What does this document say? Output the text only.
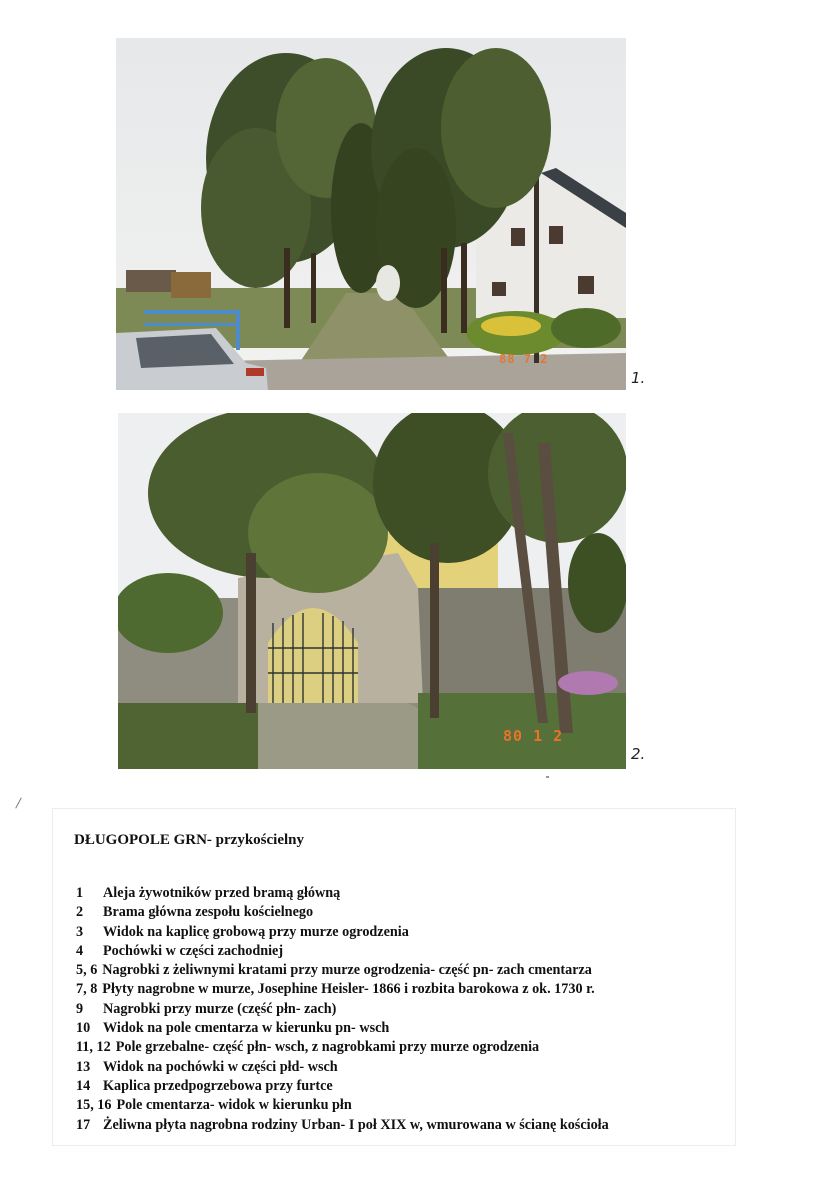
88 7 2
1.
80 1 2
2.
DŁUGOPOLE GRN- przykościelny
1	Aleja żywotników przed bramą główną
2	Brama główna zespołu kościelnego
3	Widok na kaplicę grobową przy murze ogrodzenia
4	Pochówki w części zachodniej
5, 6 Nagrobki z żeliwnymi kratami przy murze ogrodzenia- część pn- zach cmentarza
7, 8 Płyty nagrobne w murze, Josephine Heisler- 1866 i rozbita barokowa z ok. 1730 r.
9	Nagrobki przy murze (część płn- zach)
10 Widok na pole cmentarza w kierunku pn- wsch
11, 12 Pole grzebalne- część płn- wsch, z nagrobkami przy murze ogrodzenia
13 Widok na pochówki w części płd- wsch
14 Kaplica przedpogrzebowa przy furtce
15, 16 Pole cmentarza- widok w kierunku płn
17 Żeliwna płyta nagrobna rodziny Urban- I poł XIX w, wmurowana w ścianę kościoła
